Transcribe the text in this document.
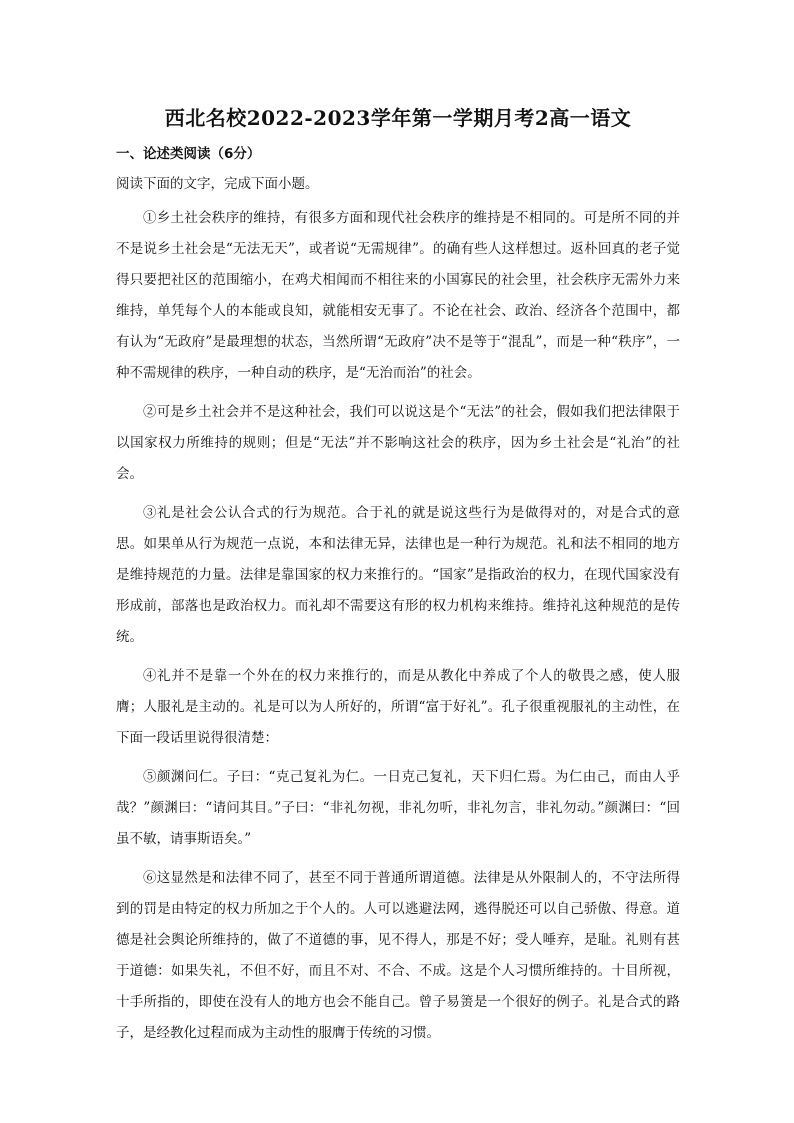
西北名校2022-2023学年第一学期月考2高一语文

一、论述类阅读（6分）

阅读下面的文字，完成下面小题。

①乡土社会秩序的维持，有很多方面和现代社会秩序的维持是不相同的。可是所不同的并不是说乡土社会是“无法无天”，或者说“无需规律”。的确有些人这样想过。返朴回真的老子觉得只要把社区的范围缩小，在鸡犬相闻而不相往来的小国寡民的社会里，社会秩序无需外力来维持，单凭每个人的本能或良知，就能相安无事了。不论在社会、政治、经济各个范围中，都有认为“无政府”是最理想的状态，当然所谓“无政府”决不是等于“混乱”，而是一种“秩序”，一种不需规律的秩序，一种自动的秩序，是“无治而治”的社会。

②可是乡土社会并不是这种社会，我们可以说这是个“无法”的社会，假如我们把法律限于以国家权力所维持的规则；但是“无法”并不影响这社会的秩序，因为乡土社会是“礼治”的社会。

③礼是社会公认合式的行为规范。合于礼的就是说这些行为是做得对的，对是合式的意思。如果单从行为规范一点说，本和法律无异，法律也是一种行为规范。礼和法不相同的地方是维持规范的力量。法律是靠国家的权力来推行的。“国家”是指政治的权力，在现代国家没有形成前，部落也是政治权力。而礼却不需要这有形的权力机构来维持。维持礼这种规范的是传统。

④礼并不是靠一个外在的权力来推行的，而是从教化中养成了个人的敬畏之感，使人服膺；人服礼是主动的。礼是可以为人所好的，所谓“富于好礼”。孔子很重视服礼的主动性，在下面一段话里说得很清楚：

⑤颜渊问仁。子曰：“克己复礼为仁。一日克己复礼，天下归仁焉。为仁由己，而由人乎哉？”颜渊曰：“请问其目。”子曰：“非礼勿视，非礼勿听，非礼勿言，非礼勿动。”颜渊曰：“回虽不敏，请事斯语矣。”

⑥这显然是和法律不同了，甚至不同于普通所谓道德。法律是从外限制人的，不守法所得到的罚是由特定的权力所加之于个人的。人可以逃避法网，逃得脱还可以自己骄傲、得意。道德是社会舆论所维持的，做了不道德的事，见不得人，那是不好；受人唾弃，是耻。礼则有甚于道德：如果失礼，不但不好，而且不对、不合、不成。这是个人习惯所维持的。十目所视，十手所指的，即使在没有人的地方也会不能自己。曾子易箦是一个很好的例子。礼是合式的路子，是经教化过程而成为主动性的服膺于传统的习惯。
